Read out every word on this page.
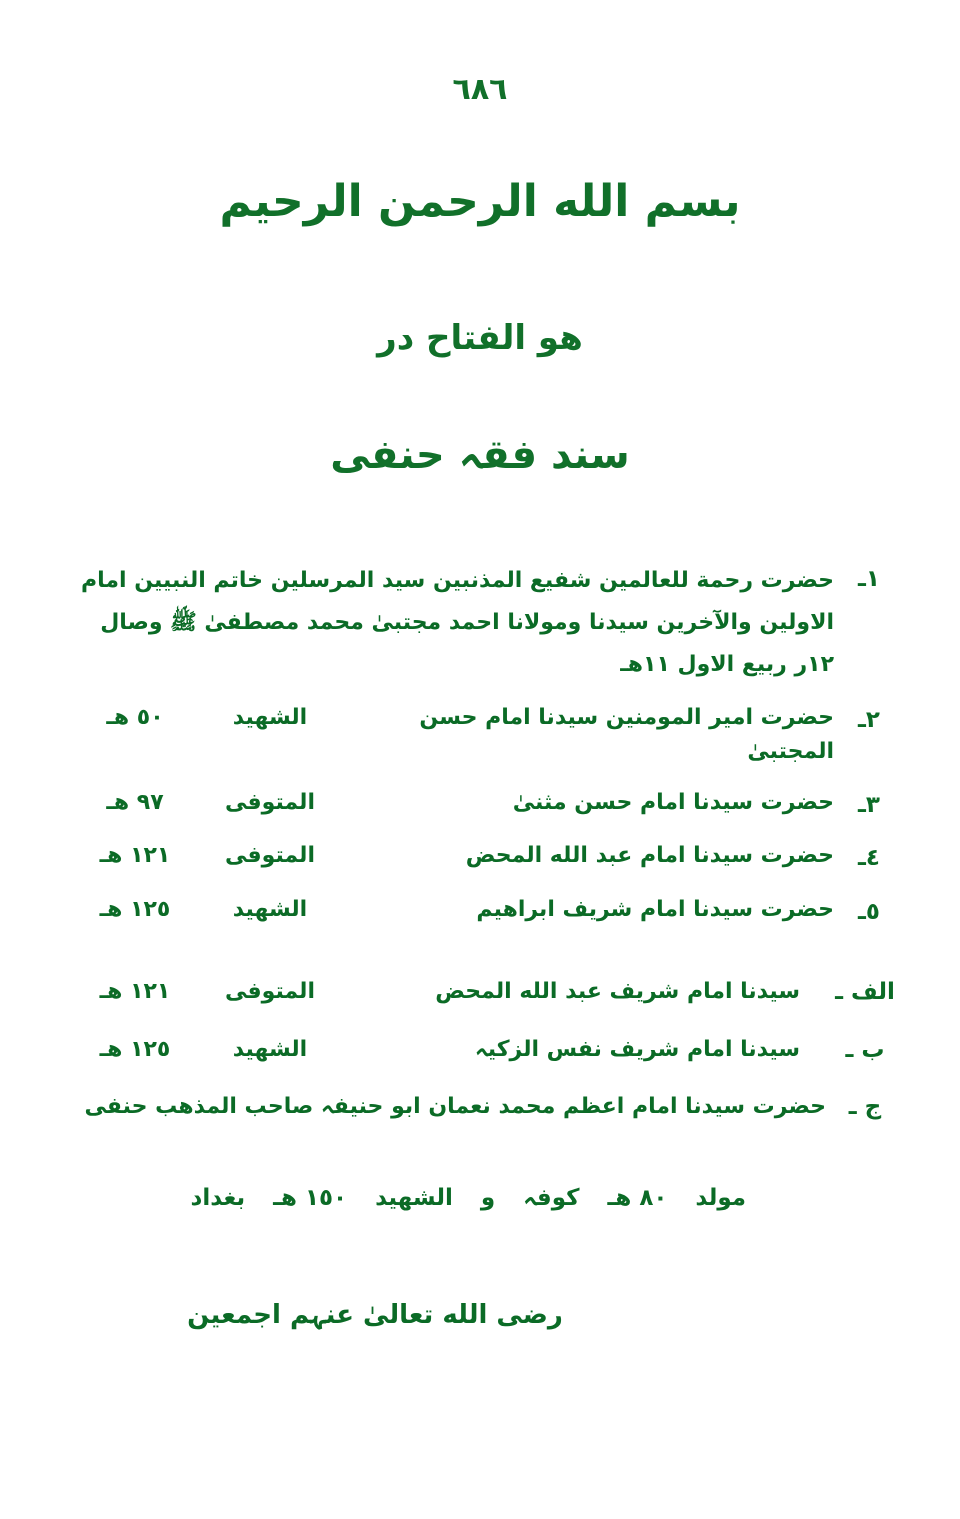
٦٨٦
بسم الله الرحمن الرحيم
هو الفتاح در
سند فقہ حنفی
١ـ
حضرت رحمة للعالمين شفيع المذنبين سيد المرسلين خاتم النبيين امام الاولين والآخرين سيدنا ومولانا احمد مجتبیٰ محمد مصطفیٰ ﷺ وصال ١٢ر ربيع الاول ١١هـ
٢ـ
حضرت امير المومنين سيدنا امام حسن المجتبیٰ
الشهيد
٥٠ هـ
٣ـ
حضرت سيدنا امام حسن مثنیٰ
المتوفی
٩٧ هـ
٤ـ
حضرت سيدنا امام عبد الله المحض
المتوفی
١٢١ هـ
٥ـ
حضرت سيدنا امام شريف ابراهيم
الشهيد
١٢٥ هـ
الف ـ
سيدنا امام شريف عبد الله المحض
المتوفی
١٢١ هـ
ب ـ
سيدنا امام شريف نفس الزكيہ
الشهيد
١٢٥ هـ
ج ـ
حضرت سيدنا امام اعظم محمد نعمان ابو حنيفہ صاحب المذهب حنفی
مولد
٨٠ هـ
كوفہ
و
الشهيد
١٥٠ هـ
بغداد
رضی الله تعالیٰ عنہم اجمعین
